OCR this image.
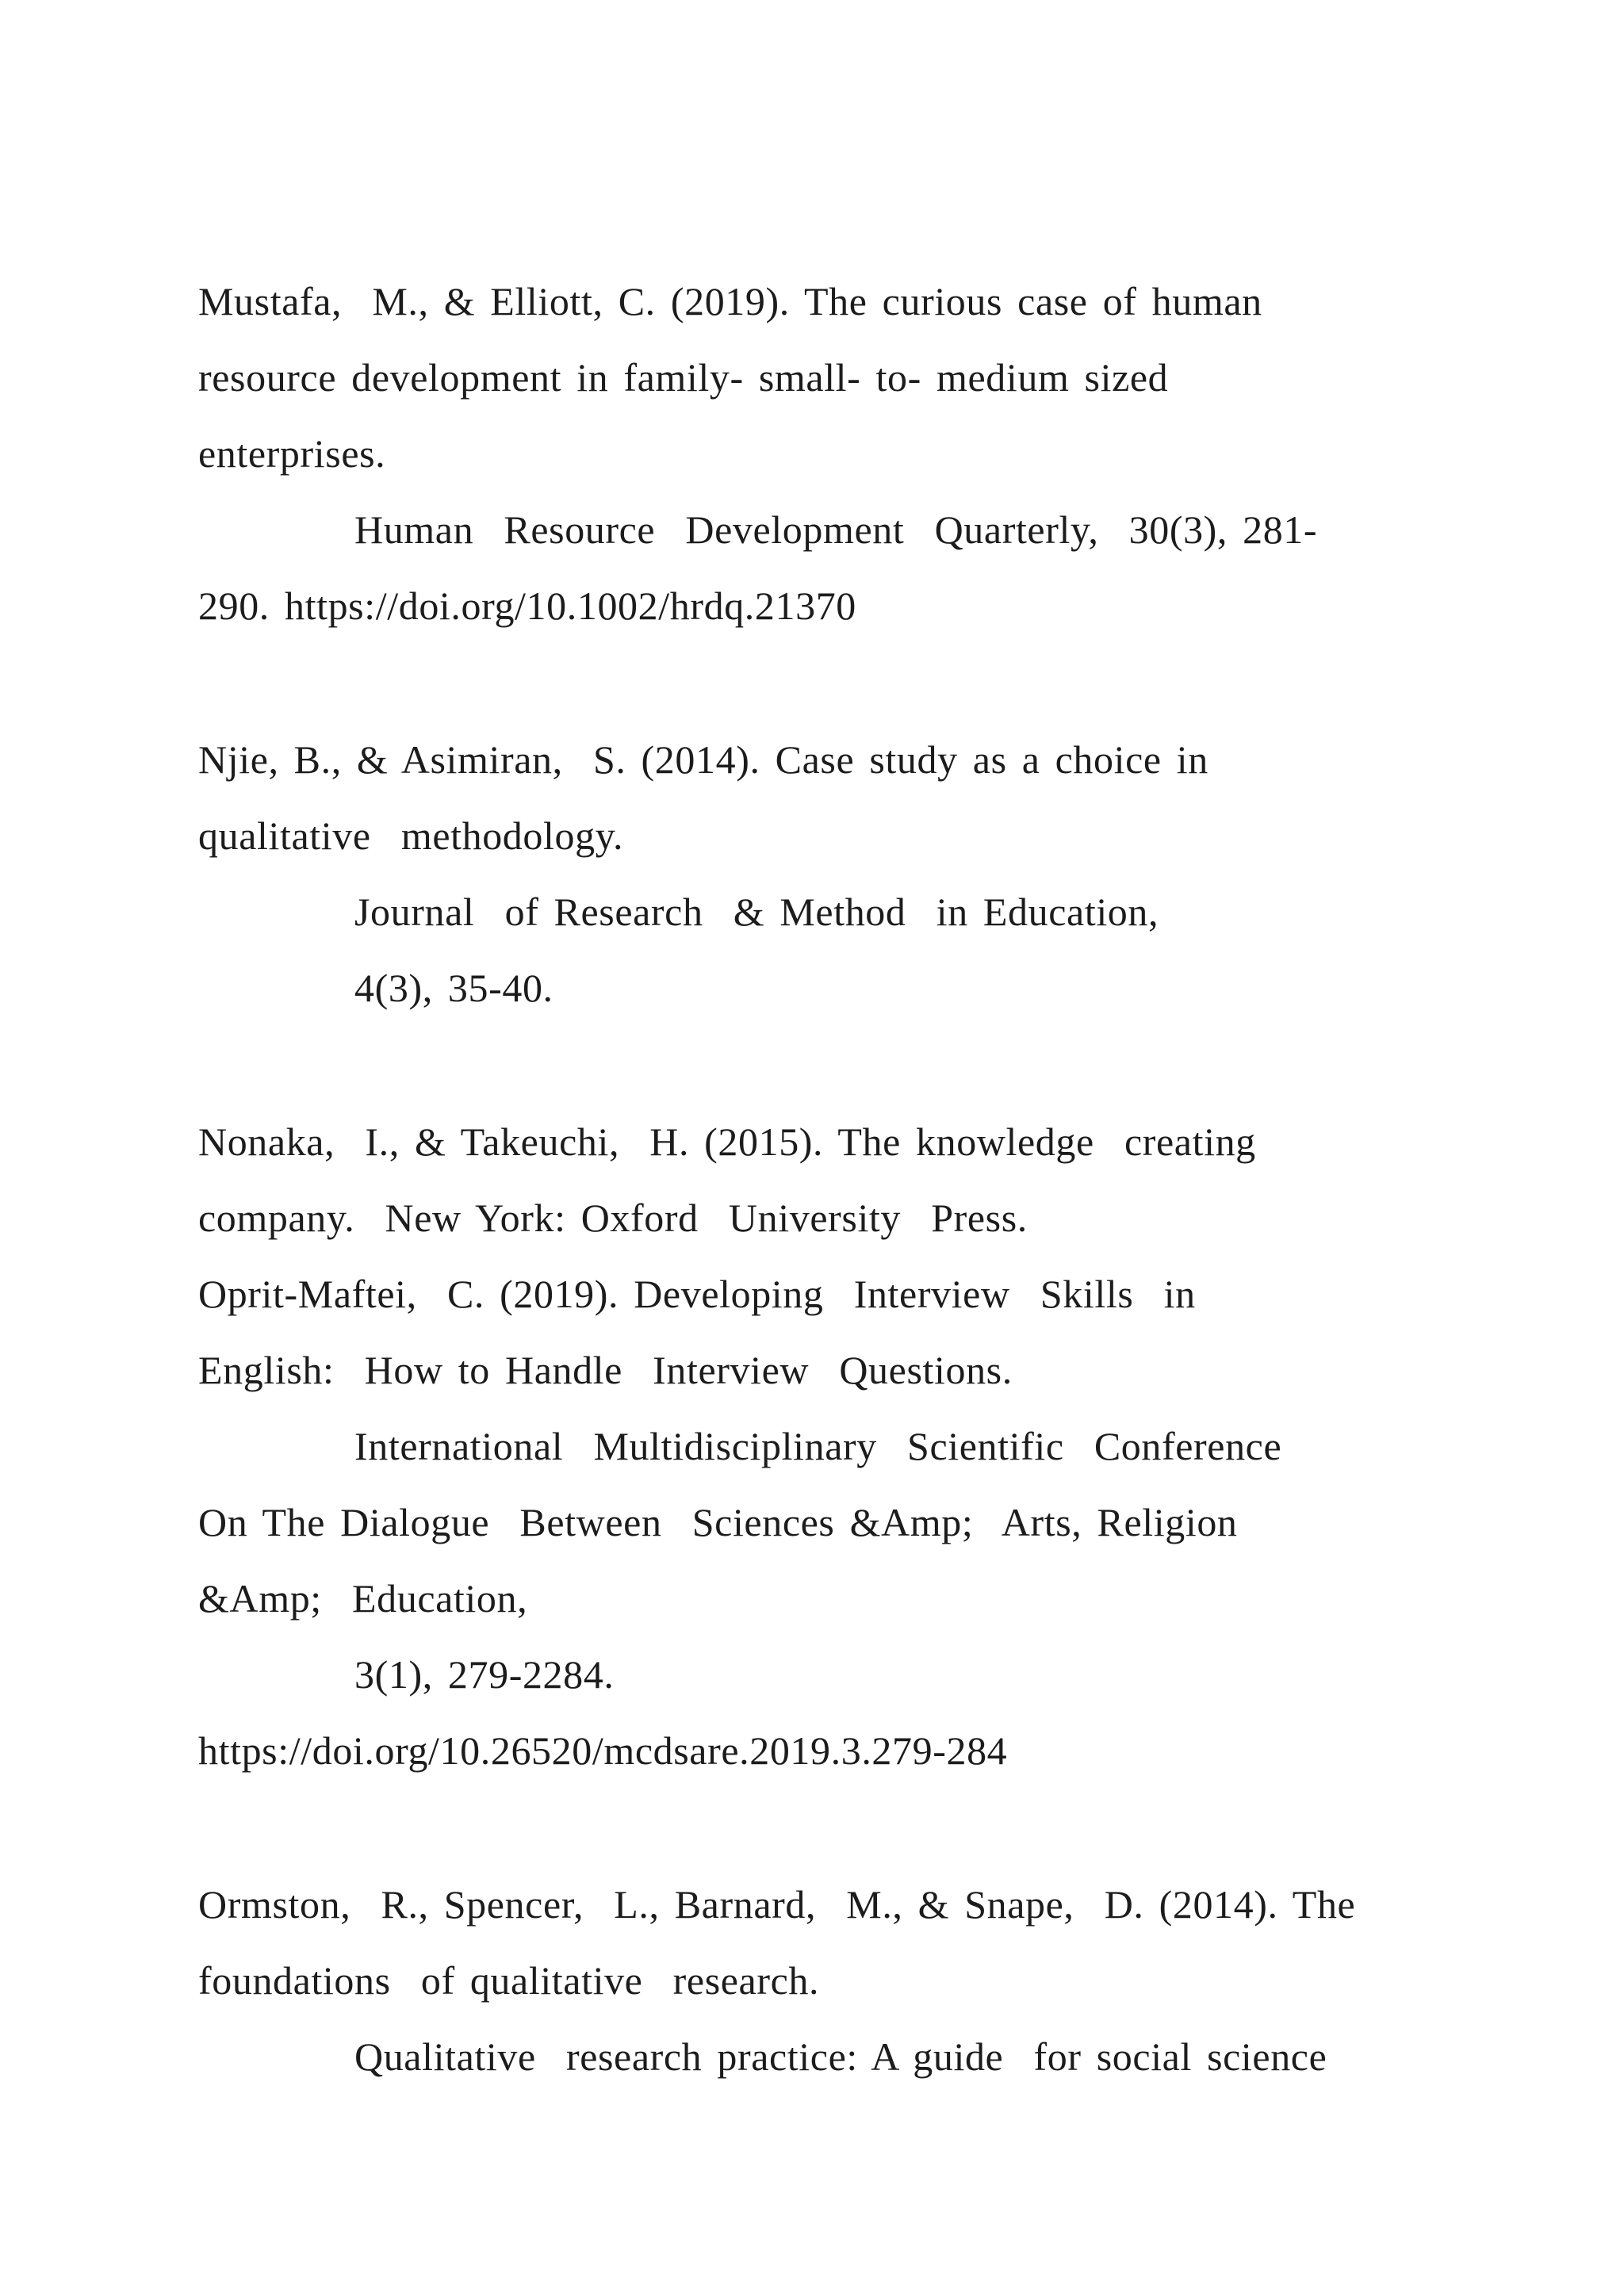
Mustafa,  M., & Elliott, C. (2019). The curious case of human
resource development in family- small- to- medium sized
enterprises.
Human  Resource  Development  Quarterly,  30(3), 281-
290. https://doi.org/10.1002/hrdq.21370
Njie, B., & Asimiran,  S. (2014). Case study as a choice in
qualitative  methodology.
Journal  of Research  & Method  in Education,
4(3), 35-40.
Nonaka,  I., & Takeuchi,  H. (2015). The knowledge  creating
company.  New York: Oxford  University  Press.
Oprit-Maftei,  C. (2019). Developing  Interview  Skills  in
English:  How to Handle  Interview  Questions.
International  Multidisciplinary  Scientific  Conference
On The Dialogue  Between  Sciences &Amp;  Arts, Religion
&Amp;  Education,
3(1), 279-2284.
https://doi.org/10.26520/mcdsare.2019.3.279-284
Ormston,  R., Spencer,  L., Barnard,  M., & Snape,  D. (2014). The
foundations  of qualitative  research.
Qualitative  research practice: A guide  for social science
